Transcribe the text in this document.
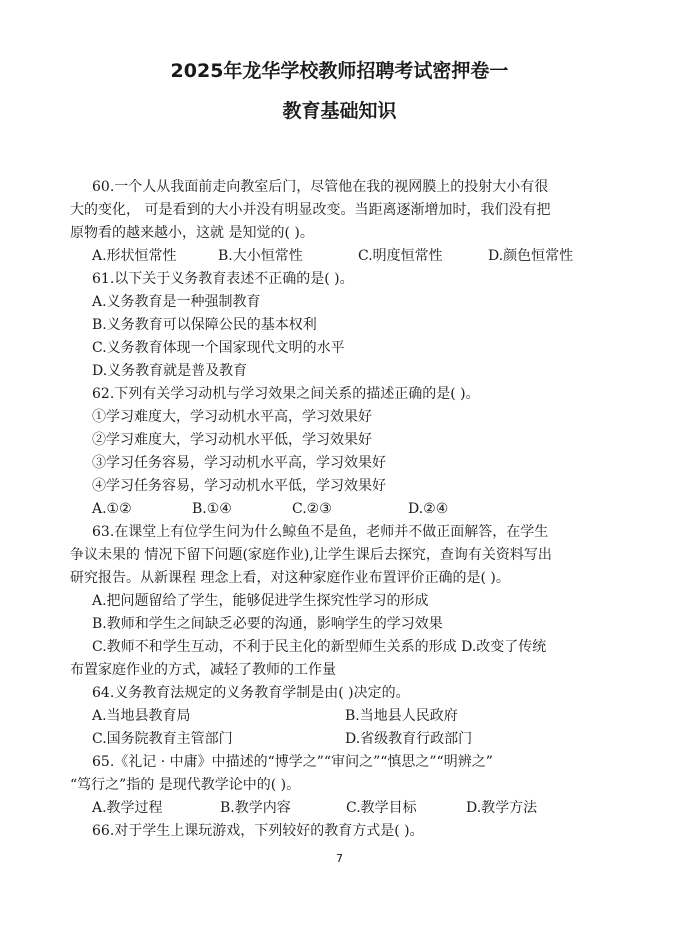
2025年龙华学校教师招聘考试密押卷一
教育基础知识
60.一个人从我面前走向教室后门，尽管他在我的视网膜上的投射大小有很
大的变化， 可是看到的大小并没有明显改变。当距离逐渐增加时，我们没有把
原物看的越来越小，这就 是知觉的( )。
A.形状恒常性	B.大小恒常性	C.明度恒常性	D.颜色恒常性
61.以下关于义务教育表述不正确的是( )。
A.义务教育是一种强制教育
B.义务教育可以保障公民的基本权利
C.义务教育体现一个国家现代文明的水平
D.义务教育就是普及教育
62.下列有关学习动机与学习效果之间关系的描述正确的是( )。
①学习难度大，学习动机水平高，学习效果好
②学习难度大，学习动机水平低，学习效果好
③学习任务容易，学习动机水平高，学习效果好
④学习任务容易，学习动机水平低，学习效果好
A.①②	B.①④	C.②③	D.②④
63.在课堂上有位学生问为什么鲸鱼不是鱼，老师并不做正面解答，在学生
争议未果的 情况下留下问题(家庭作业),让学生课后去探究，查询有关资料写出
研究报告。从新课程 理念上看，对这种家庭作业布置评价正确的是( )。
A.把问题留给了学生，能够促进学生探究性学习的形成
B.教师和学生之间缺乏必要的沟通，影响学生的学习效果
C.教师不和学生互动，不利于民主化的新型师生关系的形成 D.改变了传统
布置家庭作业的方式，减轻了教师的工作量
64.义务教育法规定的义务教育学制是由( )决定的。
A.当地县教育局	B.当地县人民政府
C.国务院教育主管部门	D.省级教育行政部门
65.《礼记 · 中庸》中描述的“博学之”“审问之”“慎思之”“明辨之”
“笃行之”指的 是现代教学论中的( )。
A.教学过程	B.教学内容	C.教学目标	D.教学方法
66.对于学生上课玩游戏，下列较好的教育方式是( )。
7
